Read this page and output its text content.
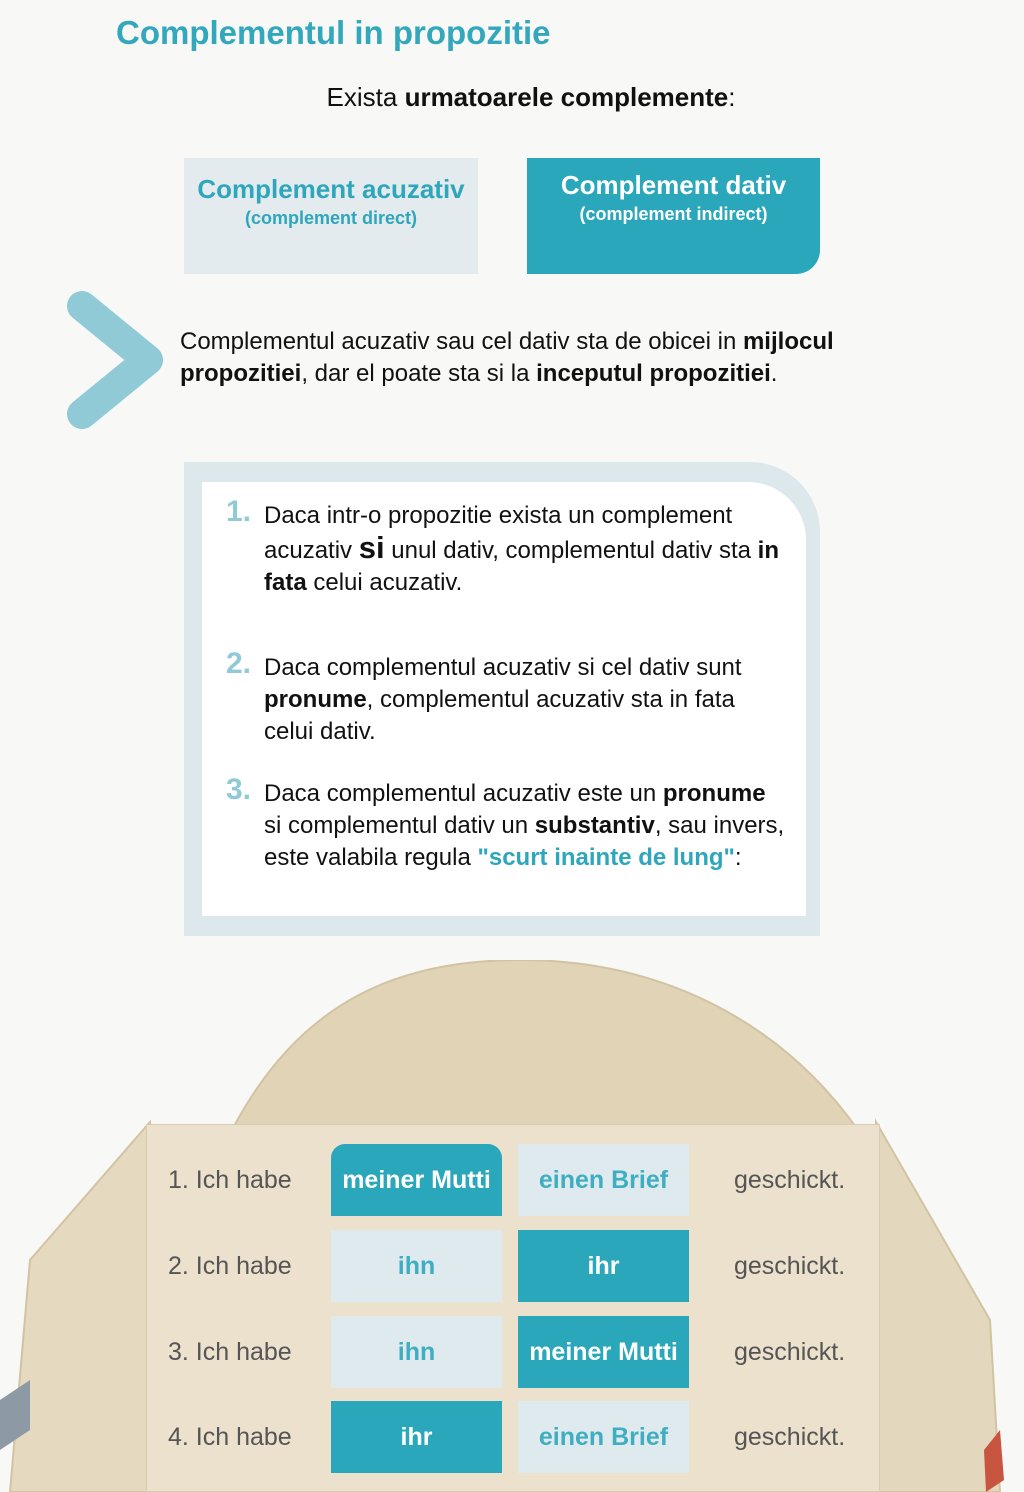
Complementul in propozitie
Exista urmatoarele complemente:
Complement acuzativ
(complement direct)
Complement dativ
(complement indirect)
Complementul acuzativ sau cel dativ sta de obicei in mijlocul propozitiei, dar el poate sta si la inceputul propozitiei.
1. Daca intr-o propozitie exista un complement acuzativ si unul dativ, complementul dativ sta in fata celui acuzativ.
2. Daca complementul acuzativ si cel dativ sunt pronume, complementul acuzativ sta in fata celui dativ.
3. Daca complementul acuzativ este un pronume si complementul dativ un substantiv, sau invers, este valabila regula "scurt inainte de lung":
1. Ich habe	meiner Mutti	einen Brief	geschickt.
2. Ich habe	ihn	ihr	geschickt.
3. Ich habe	ihn	meiner Mutti	geschickt.
4. Ich habe	ihr	einen Brief	geschickt.
